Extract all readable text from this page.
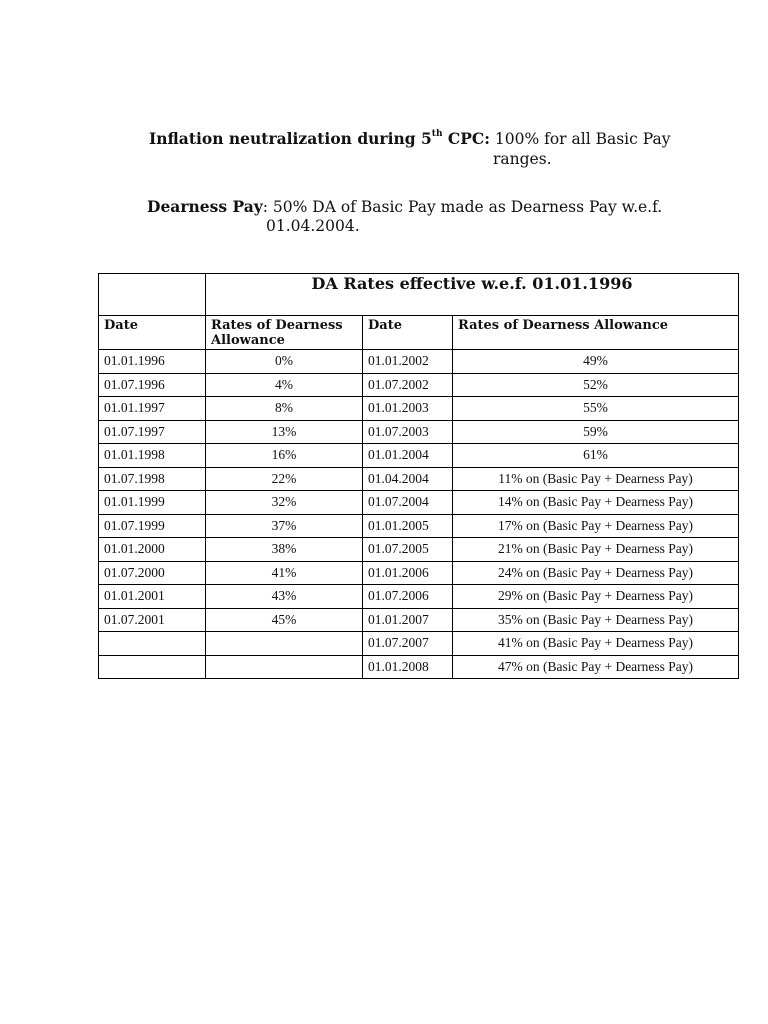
Inflation neutralization during 5th CPC: 100% for all Basic Pay
ranges.
Dearness Pay: 50% DA of Basic Pay made as Dearness Pay w.e.f.
01.04.2004.
	DA Rates effective w.e.f. 01.01.1996		
Date	Rates of Dearness Allowance	Date	Rates of Dearness Allowance
01.01.1996	0%	01.01.2002	49%
01.07.1996	4%	01.07.2002	52%
01.01.1997	8%	01.01.2003	55%
01.07.1997	13%	01.07.2003	59%
01.01.1998	16%	01.01.2004	61%
01.07.1998	22%	01.04.2004	11% on (Basic Pay + Dearness Pay)
01.01.1999	32%	01.07.2004	14% on (Basic Pay + Dearness Pay)
01.07.1999	37%	01.01.2005	17% on (Basic Pay + Dearness Pay)
01.01.2000	38%	01.07.2005	21% on (Basic Pay + Dearness Pay)
01.07.2000	41%	01.01.2006	24% on (Basic Pay + Dearness Pay)
01.01.2001	43%	01.07.2006	29% on (Basic Pay + Dearness Pay)
01.07.2001	45%	01.01.2007	35% on (Basic Pay + Dearness Pay)
		01.07.2007	41% on (Basic Pay + Dearness Pay)
		01.01.2008	47% on (Basic Pay + Dearness Pay)
